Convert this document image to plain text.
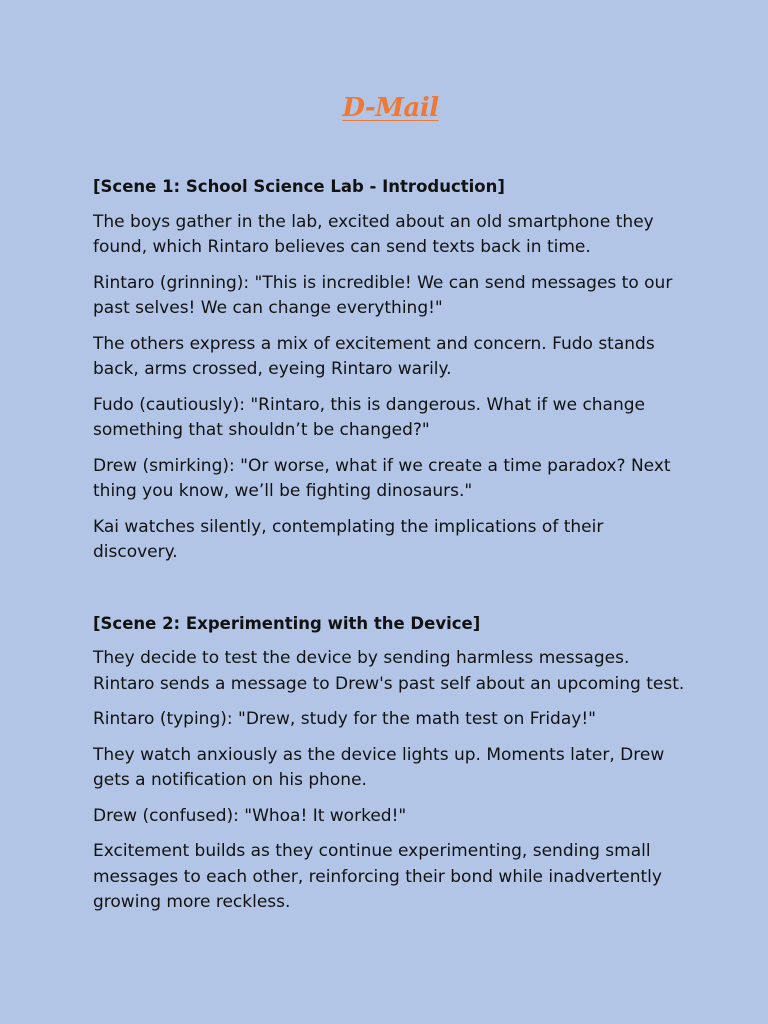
D-Mail
[Scene 1: School Science Lab - Introduction]

The boys gather in the lab, excited about an old smartphone they found, which Rintaro believes can send texts back in time.

Rintaro (grinning): "This is incredible! We can send messages to our past selves! We can change everything!"

The others express a mix of excitement and concern. Fudo stands back, arms crossed, eyeing Rintaro warily.

Fudo (cautiously): "Rintaro, this is dangerous. What if we change something that shouldn’t be changed?"

Drew (smirking): "Or worse, what if we create a time paradox? Next thing you know, we’ll be fighting dinosaurs."

Kai watches silently, contemplating the implications of their discovery.

[Scene 2: Experimenting with the Device]

They decide to test the device by sending harmless messages. Rintaro sends a message to Drew's past self about an upcoming test.

Rintaro (typing): "Drew, study for the math test on Friday!"

They watch anxiously as the device lights up. Moments later, Drew gets a notification on his phone.

Drew (confused): "Whoa! It worked!"

Excitement builds as they continue experimenting, sending small messages to each other, reinforcing their bond while inadvertently growing more reckless.
